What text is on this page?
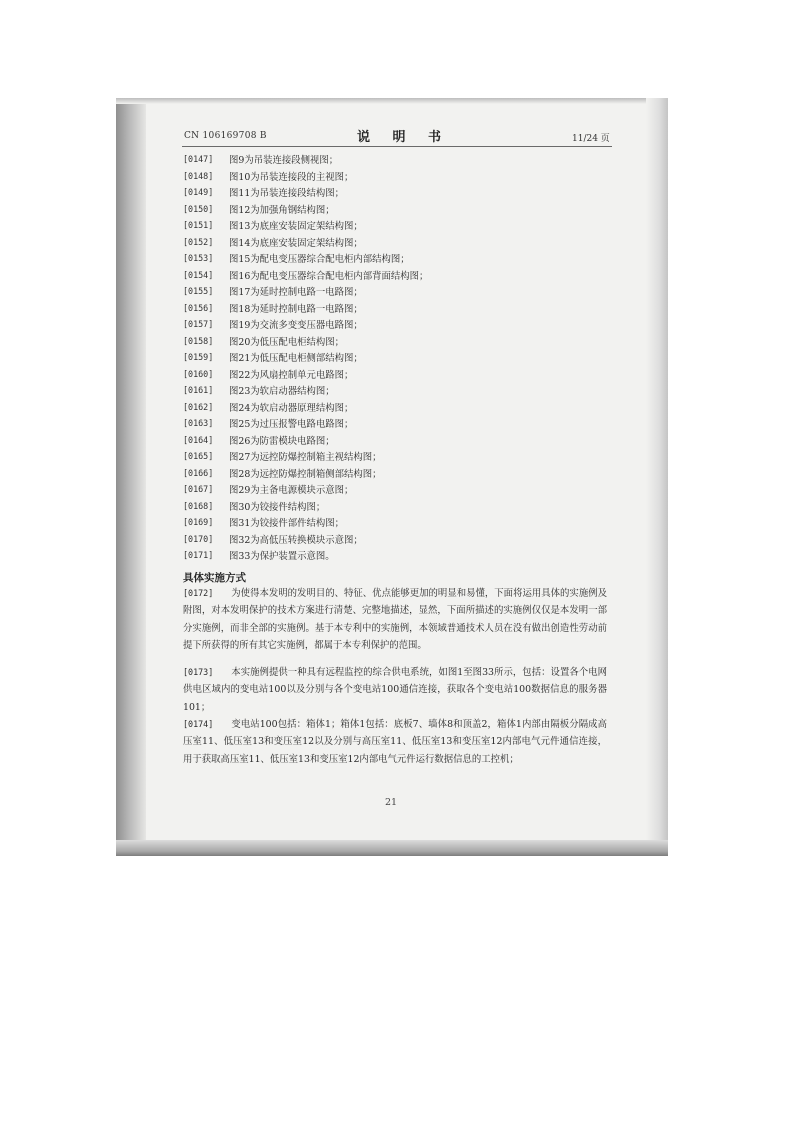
CN 106169708 B	说 明 书	11/24 页
[0147]	图9为吊装连接段侧视图；
[0148]	图10为吊装连接段的主视图；
[0149]	图11为吊装连接段结构图；
[0150]	图12为加强角钢结构图；
[0151]	图13为底座安装固定架结构图；
[0152]	图14为底座安装固定架结构图；
[0153]	图15为配电变压器综合配电柜内部结构图；
[0154]	图16为配电变压器综合配电柜内部背面结构图；
[0155]	图17为延时控制电路一电路图；
[0156]	图18为延时控制电路一电路图；
[0157]	图19为交流多变变压器电路图；
[0158]	图20为低压配电柜结构图；
[0159]	图21为低压配电柜侧部结构图；
[0160]	图22为风扇控制单元电路图；
[0161]	图23为软启动器结构图；
[0162]	图24为软启动器原理结构图；
[0163]	图25为过压报警电路电路图；
[0164]	图26为防雷模块电路图；
[0165]	图27为远控防爆控制箱主视结构图；
[0166]	图28为远控防爆控制箱侧部结构图；
[0167]	图29为主备电源模块示意图；
[0168]	图30为铰接件结构图；
[0169]	图31为铰接件部件结构图；
[0170]	图32为高低压转换模块示意图；
[0171]	图33为保护装置示意图。
具体实施方式
[0172] 为使得本发明的发明目的、特征、优点能够更加的明显和易懂，下面将运用具体的实施例及附图，对本发明保护的技术方案进行清楚、完整地描述，显然，下面所描述的实施例仅仅是本发明一部分实施例，而非全部的实施例。基于本专利中的实施例，本领域普通技术人员在没有做出创造性劳动前提下所获得的所有其它实施例，都属于本专利保护的范围。
[0173] 本实施例提供一种具有远程监控的综合供电系统，如图1至图33所示，包括：设置各个电网供电区域内的变电站100以及分别与各个变电站100通信连接，获取各个变电站100数据信息的服务器101；
[0174] 变电站100包括：箱体1；箱体1包括：底板7、墙体8和顶盖2，箱体1内部由隔板分隔成高压室11、低压室13和变压室12以及分别与高压室11、低压室13和变压室12内部电气元件通信连接，用于获取高压室11、低压室13和变压室12内部电气元件运行数据信息的工控机；
21
